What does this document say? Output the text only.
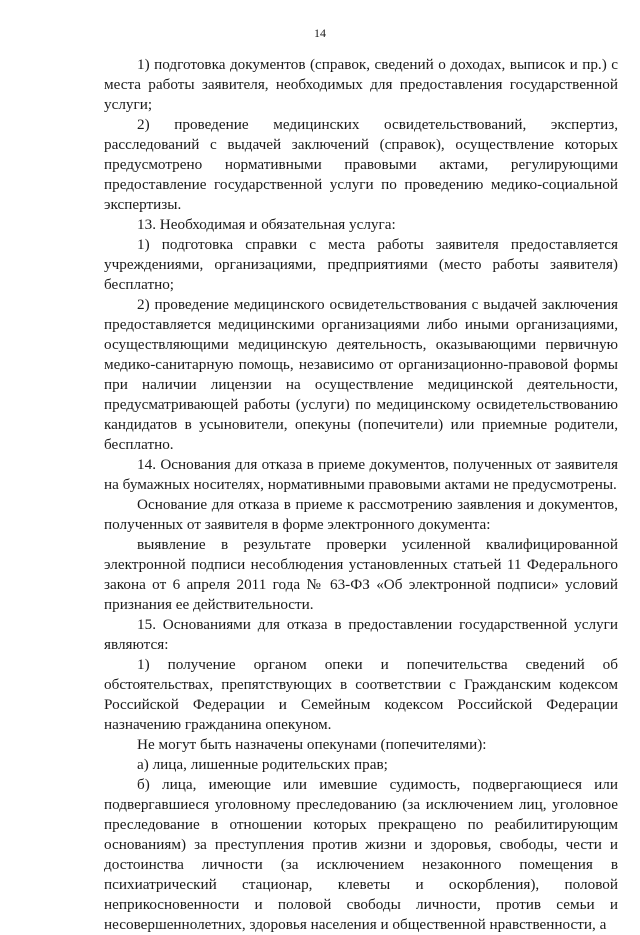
14

1) подготовка документов (справок, сведений о доходах, выписок и пр.) с места работы заявителя, необходимых для предоставления государственной услуги;

2) проведение медицинских освидетельствований, экспертиз, расследований с выдачей заключений (справок), осуществление которых предусмотрено нормативными правовыми актами, регулирующими предоставление государственной услуги по проведению медико-социальной экспертизы.

13. Необходимая и обязательная услуга:

1) подготовка справки с места работы заявителя предоставляется учреждениями, организациями, предприятиями (место работы заявителя) бесплатно;

2) проведение медицинского освидетельствования с выдачей заключения предоставляется медицинскими организациями либо иными организациями, осуществляющими медицинскую деятельность, оказывающими первичную медико-санитарную помощь, независимо от организационно-правовой формы при наличии лицензии на осуществление медицинской деятельности, предусматривающей работы (услуги) по медицинскому освидетельствованию кандидатов в усыновители, опекуны (попечители) или приемные родители, бесплатно.

14. Основания для отказа в приеме документов, полученных от заявителя на бумажных носителях, нормативными правовыми актами не предусмотрены.

Основание для отказа в приеме к рассмотрению заявления и документов, полученных от заявителя в форме электронного документа:

выявление в результате проверки усиленной квалифицированной электронной подписи несоблюдения установленных статьей 11 Федерального закона от 6 апреля 2011 года № 63-ФЗ «Об электронной подписи» условий признания ее действительности.

15. Основаниями для отказа в предоставлении государственной услуги являются:

1) получение органом опеки и попечительства сведений об обстоятельствах, препятствующих в соответствии с Гражданским кодексом Российской Федерации и Семейным кодексом Российской Федерации назначению гражданина опекуном.

Не могут быть назначены опекунами (попечителями):

а) лица, лишенные родительских прав;

б) лица, имеющие или имевшие судимость, подвергающиеся или подвергавшиеся уголовному преследованию (за исключением лиц, уголовное преследование в отношении которых прекращено по реабилитирующим основаниям) за преступления против жизни и здоровья, свободы, чести и достоинства личности (за исключением незаконного помещения в психиатрический стационар, клеветы и оскорбления), половой неприкосновенности и половой свободы личности, против семьи и несовершеннолетних, здоровья населения и общественной нравственности, а
